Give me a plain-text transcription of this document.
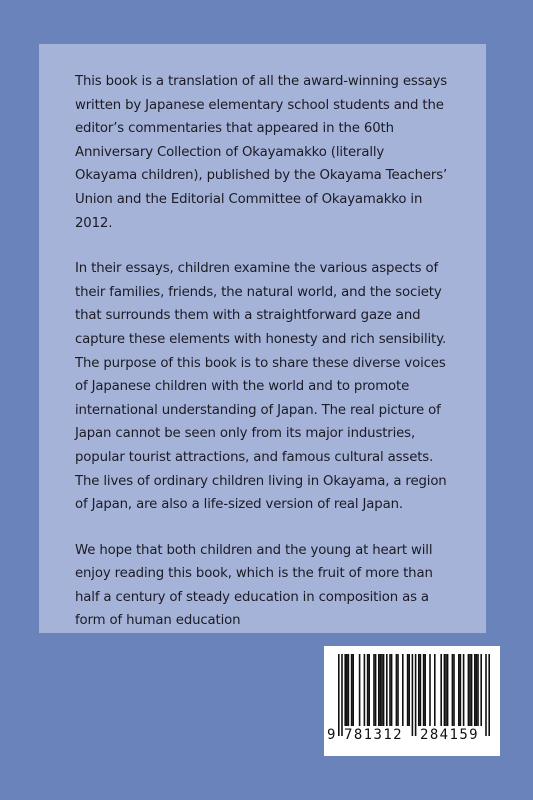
This book is a translation of all the award-winning essays
written by Japanese elementary school students and the
editor’s commentaries that appeared in the 60th
Anniversary Collection of Okayamakko (literally
Okayama children), published by the Okayama Teachers’
Union and the Editorial Committee of Okayamakko in
2012.

In their essays, children examine the various aspects of
their families, friends, the natural world, and the society
that surrounds them with a straightforward gaze and
capture these elements with honesty and rich sensibility.
The purpose of this book is to share these diverse voices
of Japanese children with the world and to promote
international understanding of Japan. The real picture of
Japan cannot be seen only from its major industries,
popular tourist attractions, and famous cultural assets.
The lives of ordinary children living in Okayama, a region
of Japan, are also a life-sized version of real Japan.

We hope that both children and the young at heart will
enjoy reading this book, which is the fruit of more than
half a century of steady education in composition as a
form of human education

9 781312 284159
